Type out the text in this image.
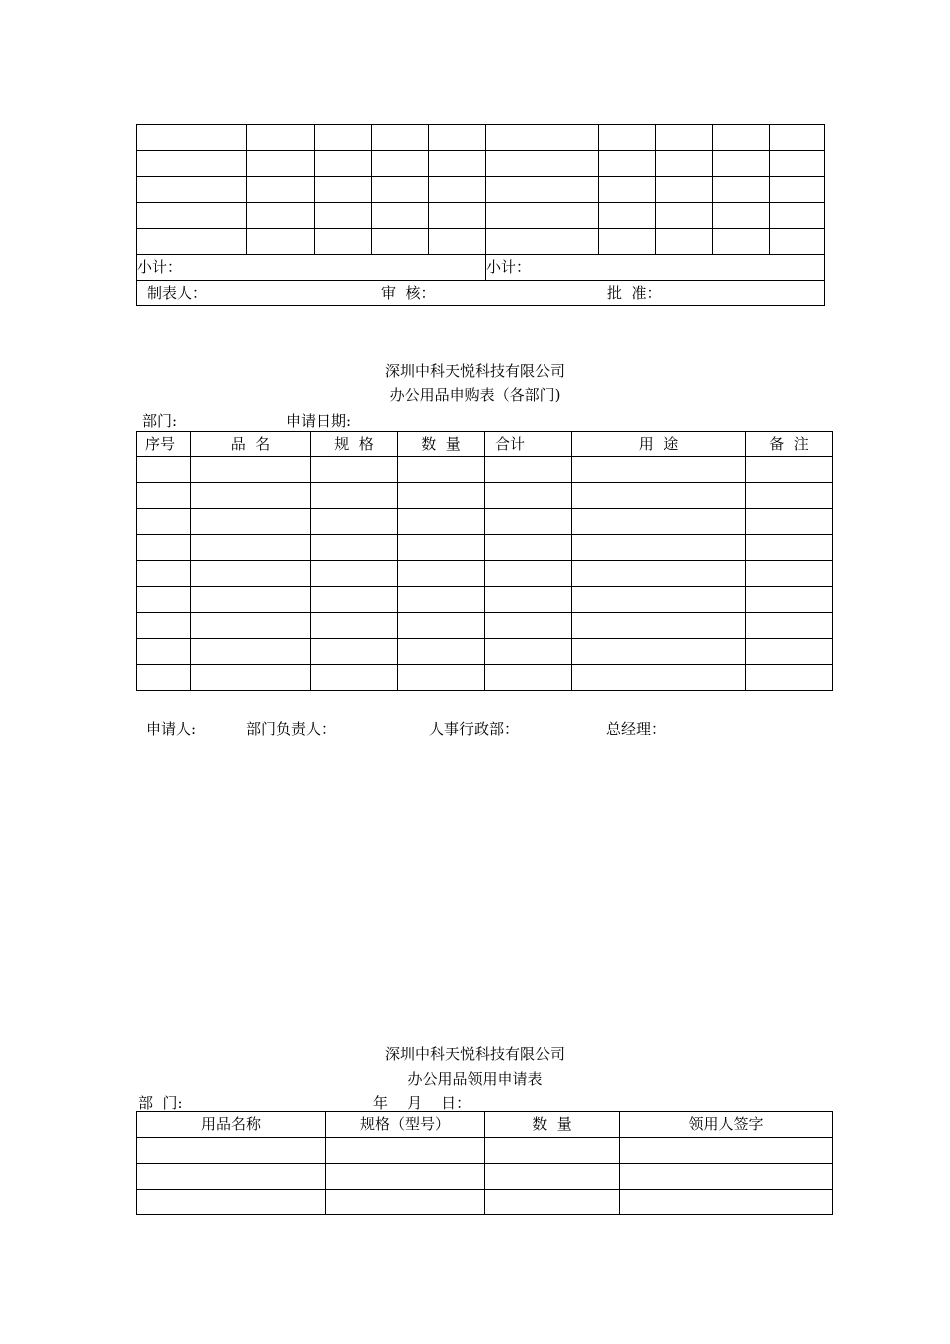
小计：					小计：				

制表人： 审  核： 批  准：									
深圳中科天悦科技有限公司
办公用品申购表（各部门)
部门:	申请日期:
序号	品  名	规  格	数  量	合计	用  途	备  注

申请人:	部门负责人：	人事行政部：	总经理：
深圳中科天悦科技有限公司
办公用品领用申请表
部  门:	年    月    日：
用品名称	规格（型号）	数  量	领用人签字
